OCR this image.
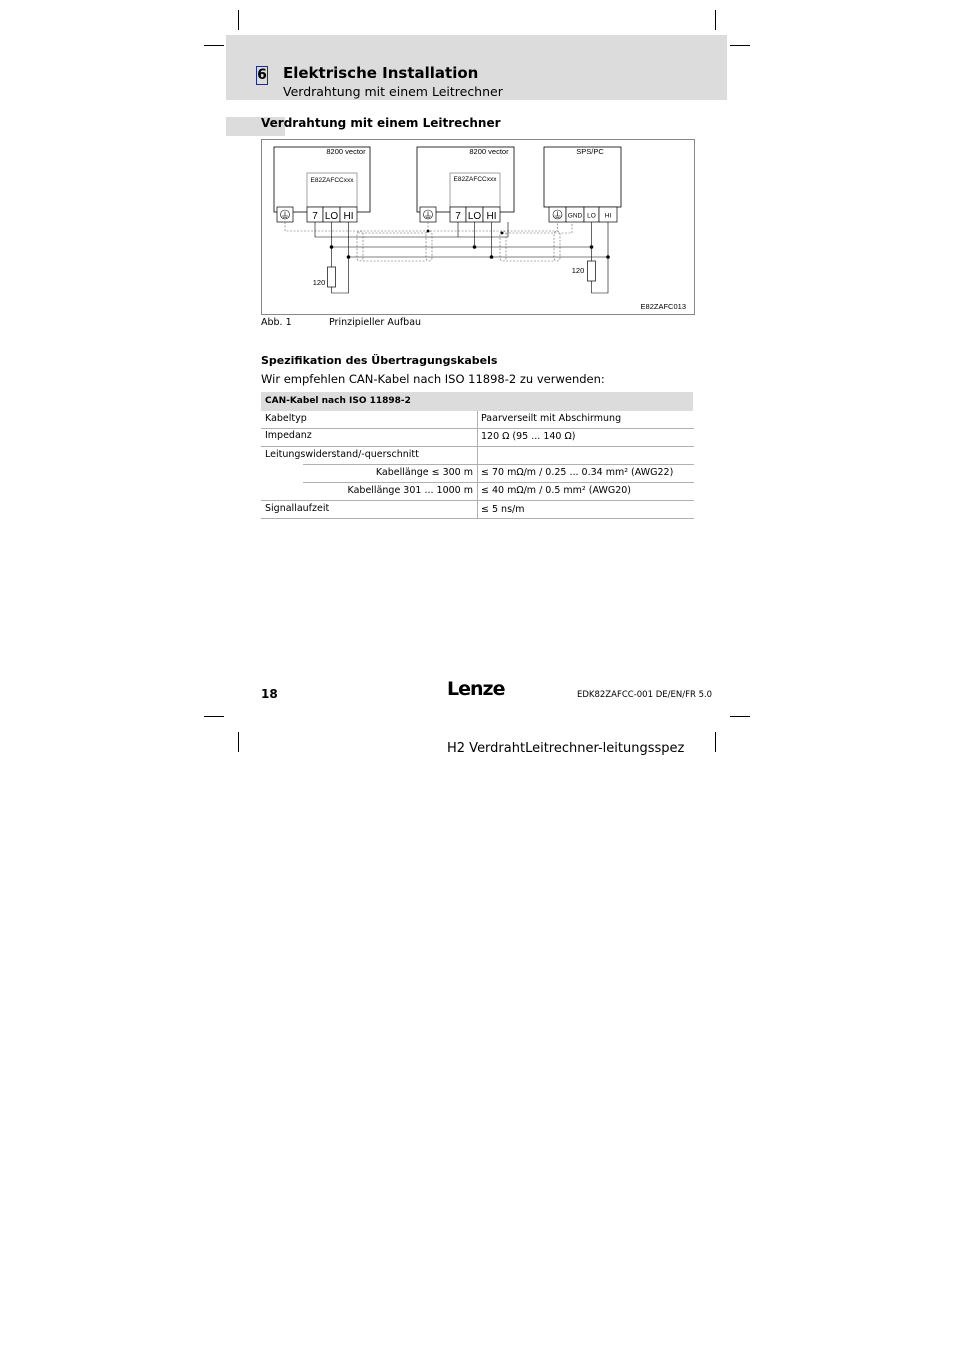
6 Elektrische Installation
Verdrahtung mit einem Leitrechner
Verdrahtung mit einem Leitrechner
8200 vector	8200 vector	SPS/PC
E82ZAFCCxxx	E82ZAFCCxxx
7 LO HI	7 LO HI	GND LO HI
120
120
E82ZAFC013
Abb. 1	Prinzipieller Aufbau
Spezifikation des Übertragungskabels
Wir empfehlen CAN-Kabel nach ISO 11898-2 zu verwenden:
CAN-Kabel nach ISO 11898-2
Kabeltyp	Paarverseilt mit Abschirmung
Impedanz	120 Ω (95 ... 140 Ω)
Leitungswiderstand/-querschnitt
Kabellänge ≤ 300 m ≤ 70 mΩ/m / 0.25 ... 0.34 mm² (AWG22)
Kabellänge 301 ... 1000 m ≤ 40 mΩ/m / 0.5 mm² (AWG20)
Signallaufzeit	≤ 5 ns/m
18	Lenze	EDK82ZAFCC-001 DE/EN/FR 5.0
H2 VerdrahtLeitrechner-leitungsspez
